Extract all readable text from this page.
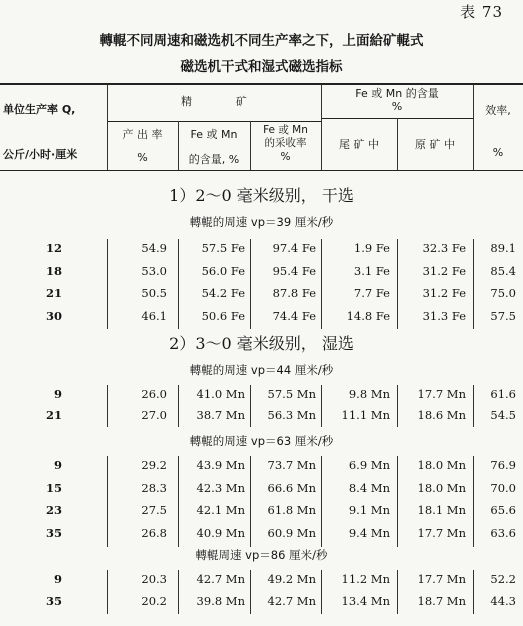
表 73
轉輥不同周速和磁选机不同生产率之下，上面給矿輥式
磁选机干式和湿式磁选指标
单位生产率 Q,
公斤/小时·厘米
精　　　　矿
Fe 或 Mn 的含量
%	效率,
%
产 出 率
%
Fe 或 Mn
的含量, %
Fe 或 Mn
的采收率
%
尾 矿 中	原 矿 中
1）2～0 毫米级别， 干选
轉輥的周速 vp＝39 厘米/秒
12	54.9	57.5 Fe 97.4 Fe	1.9 Fe	32.3 Fe 89.1
18	53.0	56.0 Fe 95.4 Fe	3.1 Fe	31.2 Fe 85.4
21	50.5	54.2 Fe 87.8 Fe	7.7 Fe	31.2 Fe 75.0
30	46.1	50.6 Fe 74.4 Fe	14.8 Fe	31.3 Fe 57.5
2）3～0 毫米级别， 湿选
轉輥的周速 vp＝44 厘米/秒
9	26.0	41.0 Mn 57.5 Mn	9.8 Mn 17.7 Mn 61.6
21	27.0	38.7 Mn 56.3 Mn 11.1 Mn 18.6 Mn 54.5
轉輥的周速 vp＝63 厘米/秒
9	29.2	43.9 Mn 73.7 Mn	6.9 Mn 18.0 Mn 76.9
15	28.3	42.3 Mn 66.6 Mn	8.4 Mn 18.0 Mn 70.0
23	27.5	42.1 Mn 61.8 Mn	9.1 Mn 18.1 Mn 65.6
35	26.8	40.9 Mn 60.9 Mn	9.4 Mn 17.7 Mn 63.6
轉輥周速 vp＝86 厘米/秒
9	20.3	42.7 Mn 49.2 Mn 11.2 Mn 17.7 Mn 52.2
35	20.2	39.8 Mn 42.7 Mn 13.4 Mn 18.7 Mn 44.3
